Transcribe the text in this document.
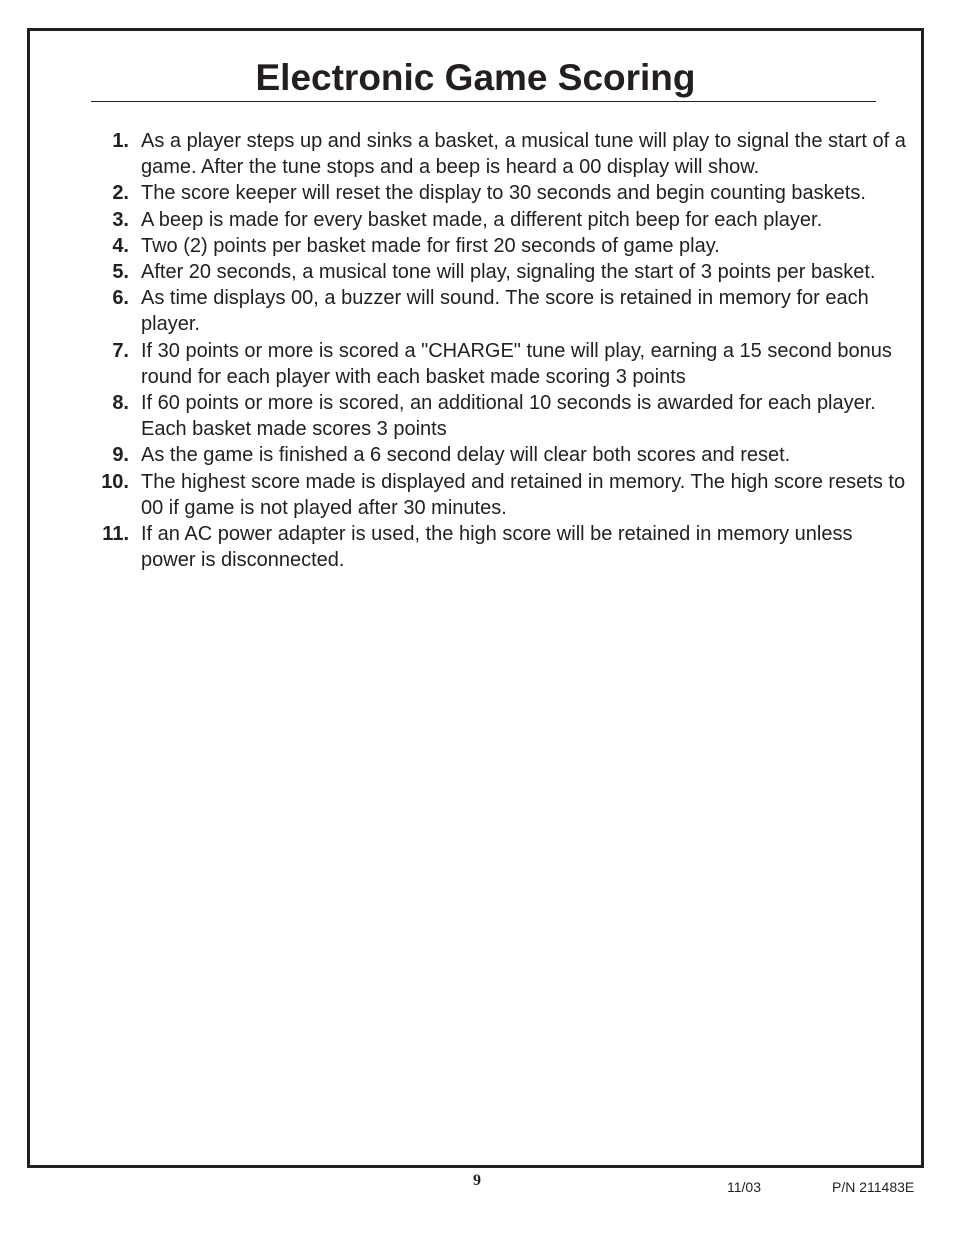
Electronic Game Scoring
1. As a player steps up and sinks a basket, a musical tune will play to signal the start of a game. After the tune stops and a beep is heard a 00 display will show.
2. The score keeper will reset the display to 30 seconds and begin counting baskets.
3. A beep is made for every basket made, a different pitch beep for each player.
4. Two (2) points per basket made for first 20 seconds of game play.
5. After 20 seconds, a musical tone will play, signaling the start of 3 points per basket.
6. As time displays 00, a buzzer will sound. The score is retained in memory for each player.
7. If 30 points or more is scored a "CHARGE" tune will play, earning a 15 second bonus round for each player with each basket made scoring 3 points
8. If 60 points or more is scored, an additional 10 seconds is awarded for each player. Each basket made scores 3 points
9. As the game is finished a 6 second delay will clear both scores and reset.
10. The highest score made is displayed and retained in memory. The high score resets to 00 if game is not played after 30 minutes.
11. If an AC power adapter is used, the high score will be retained in memory unless power is disconnected.
9	11/03	P/N 211483E
